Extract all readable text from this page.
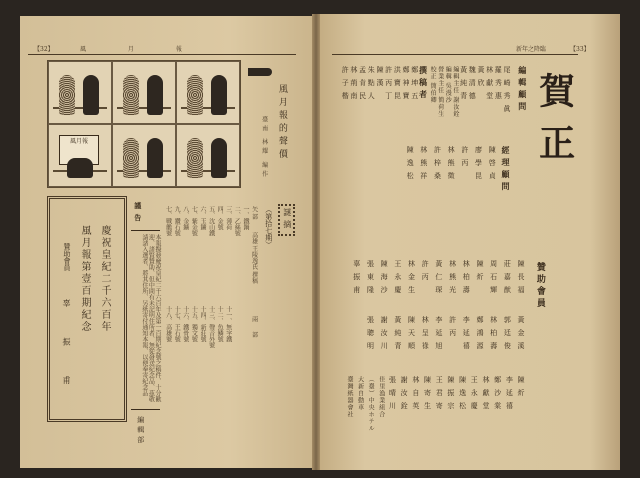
【32】	風 月 報
風月報	風月報的聲價
臺南 林耀 編作
慶祝皇紀二千六百年
風月報第壹百期紀念
贊助會員
辜 振 甫
謹告
本報擬發慶祝皇紀二千六百年及第一百期紀念號之稿件、十分歡迎、諸賢贊助、但中間有未記明住所者、無從發送紀念品、茲敬請諸入選者、將其住所、另紙寄付通知本報、以便奉寄紀念品
編輯部
一、鐵鍋
二、乙絲號
三、薄荷
四、金號
五、沈山鐵
六、玉鑛
七、紫金號
八、金鑛
九、鑽石號
七、戰艦號
十一、無字鐵
十二、魚鱗號
十三、聲音外號
十四、新莊號
十五、獨文號
十六、鐵骨號
十七、王石號
十八、高雄號
矢 部
高雄 王陵逸氏 撰稿
兩 部
（第拾七期） 謎摘
新年之降臨	【33】
賀正
編輯顧問
尾崎秀眞
羅秀惠
林獻堂
黃欣
魏清德
黃純青
編輯主任 謝汝銓
編輯 吳漫沙
營業主任 簡荷生
校正 簡伯卿
撰稿者
鄭坤五
鄭神寶
洪寶昆
許丙丁
陳漢
朱點人
孟肯民
林荊南
許子楷
經理顧問
陳啓貞
廖學昆
許丙
林熊徵
許梓桑
林熊祥
陳逸松
贊助會員
陳長福
莊嘉猷
周石輝
陳炘
林柏壽
林熊光
黃仁琛
許丙
林金生
王永慶
陳海沙
張東隆
辜振甫
黃金溪
郭廷俊
林柏壽
鄭鴻源
李延禧
許丙
李延旭
林呈祿
陳天順
黃純青
謝汝川
張聰明
陳炘
李延禧
鄭沙棠
林獻堂
王永慶
陳逸松
陳振宗
王君寄
陳寄生
林自英
謝汝銓
張晴川
佳里漁業組合
（臺）中央ホテル
大新自動車
臺灣紙器會社
